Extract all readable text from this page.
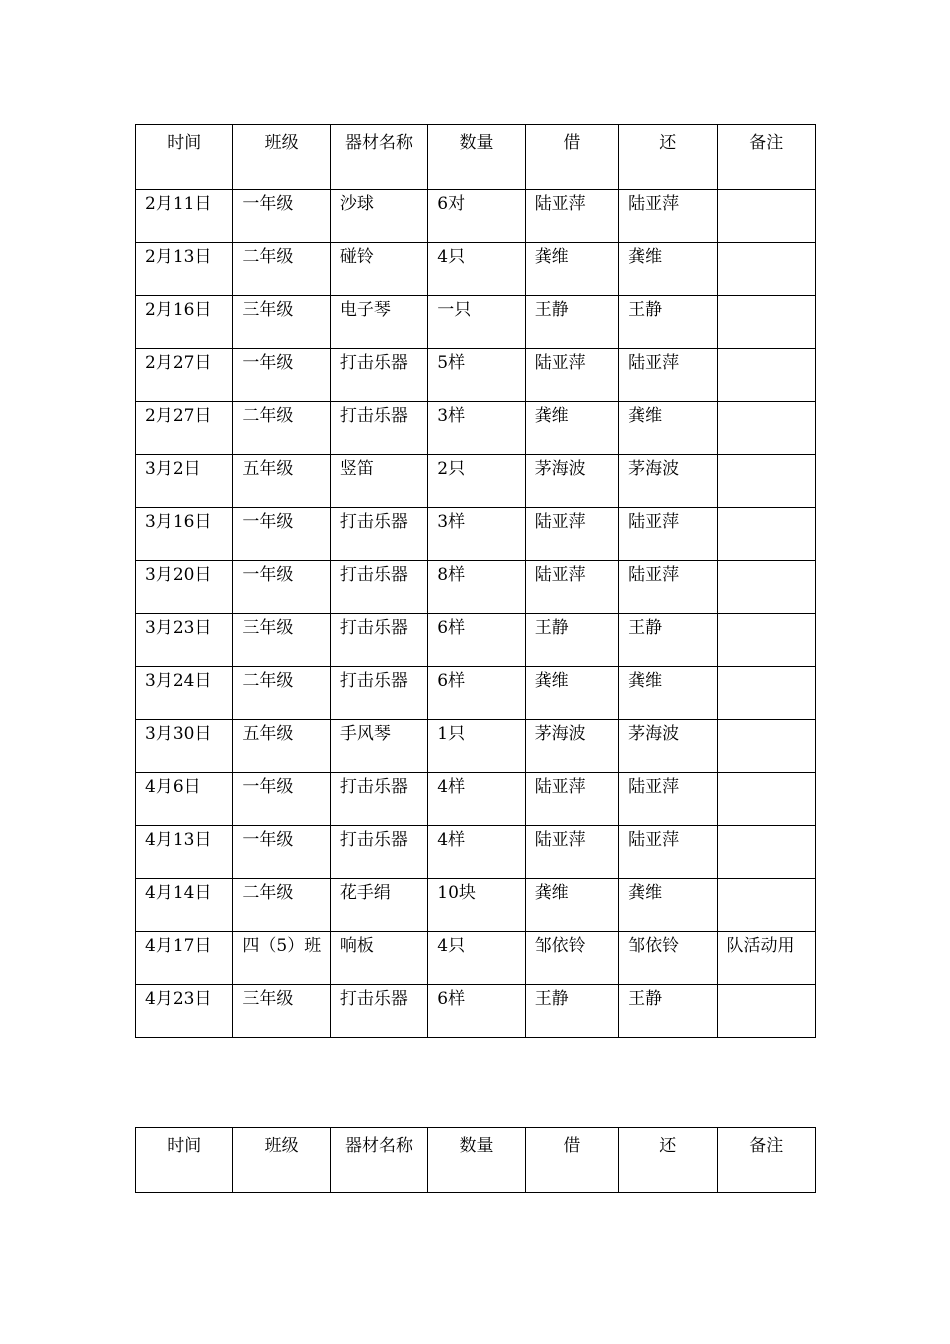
时间	班级	器材名称	数量	借	还	备注
2月11日	一年级	沙球	6对	陆亚萍	陆亚萍	
2月13日	二年级	碰铃	4只	龚维	龚维	
2月16日	三年级	电子琴	一只	王静	王静	
2月27日	一年级	打击乐器	5样	陆亚萍	陆亚萍	
2月27日	二年级	打击乐器	3样	龚维	龚维	
3月2日	五年级	竖笛	2只	茅海波	茅海波	
3月16日	一年级	打击乐器	3样	陆亚萍	陆亚萍	
3月20日	一年级	打击乐器	8样	陆亚萍	陆亚萍	
3月23日	三年级	打击乐器	6样	王静	王静	
3月24日	二年级	打击乐器	6样	龚维	龚维	
3月30日	五年级	手风琴	1只	茅海波	茅海波	
4月6日	一年级	打击乐器	4样	陆亚萍	陆亚萍	
4月13日	一年级	打击乐器	4样	陆亚萍	陆亚萍	
4月14日	二年级	花手绢	10块	龚维	龚维	
4月17日	四（5）班	响板	4只	邹依铃	邹依铃	队活动用
4月23日	三年级	打击乐器	6样	王静	王静	
时间	班级	器材名称	数量	借	还	备注
